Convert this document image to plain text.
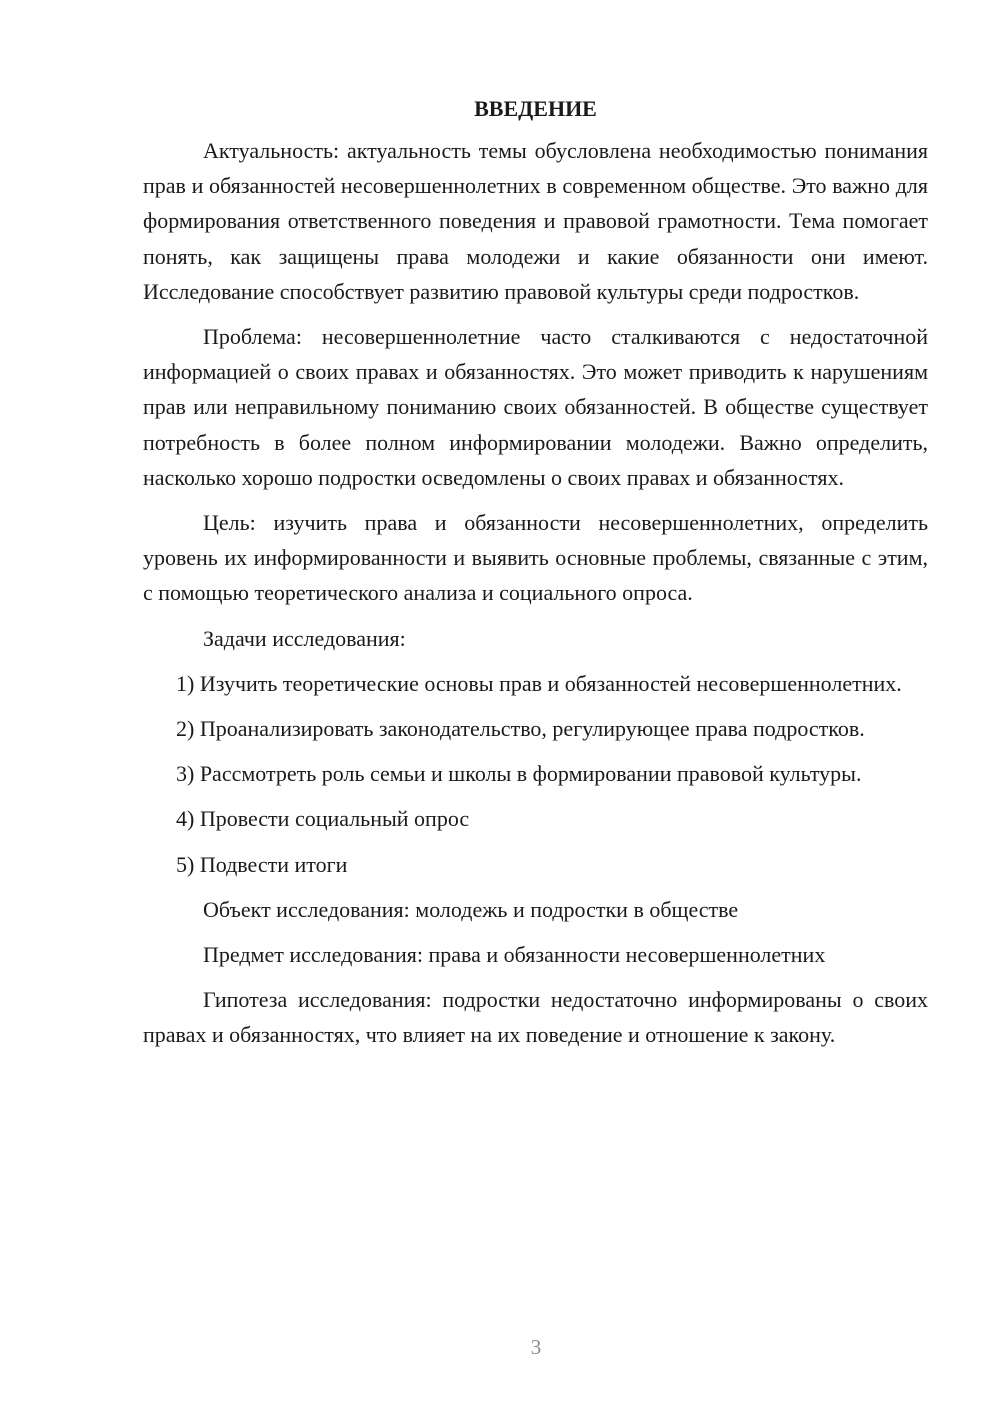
ВВЕДЕНИЕ

Актуальность: актуальность темы обусловлена необходимостью понимания прав и обязанностей несовершеннолетних в современном обществе. Это важно для формирования ответственного поведения и правовой грамотности. Тема помогает понять, как защищены права молодежи и какие обязанности они имеют. Исследование способствует развитию правовой культуры среди подростков.

Проблема: несовершеннолетние часто сталкиваются с недостаточной информацией о своих правах и обязанностях. Это может приводить к нарушениям прав или неправильному пониманию своих обязанностей. В обществе существует потребность в более полном информировании молодежи. Важно определить, насколько хорошо подростки осведомлены о своих правах и обязанностях.

Цель: изучить права и обязанности несовершеннолетних, определить уровень их информированности и выявить основные проблемы, связанные с этим, с помощью теоретического анализа и социального опроса.

Задачи исследования:

1) Изучить теоретические основы прав и обязанностей несовершеннолетних.

2) Проанализировать законодательство, регулирующее права подростков.

3) Рассмотреть роль семьи и школы в формировании правовой культуры.

4) Провести социальный опрос

5) Подвести итоги

Объект исследования: молодежь и подростки в обществе

Предмет исследования: права и обязанности несовершеннолетних

Гипотеза исследования: подростки недостаточно информированы о своих правах и обязанностях, что влияет на их поведение и отношение к закону.

3
